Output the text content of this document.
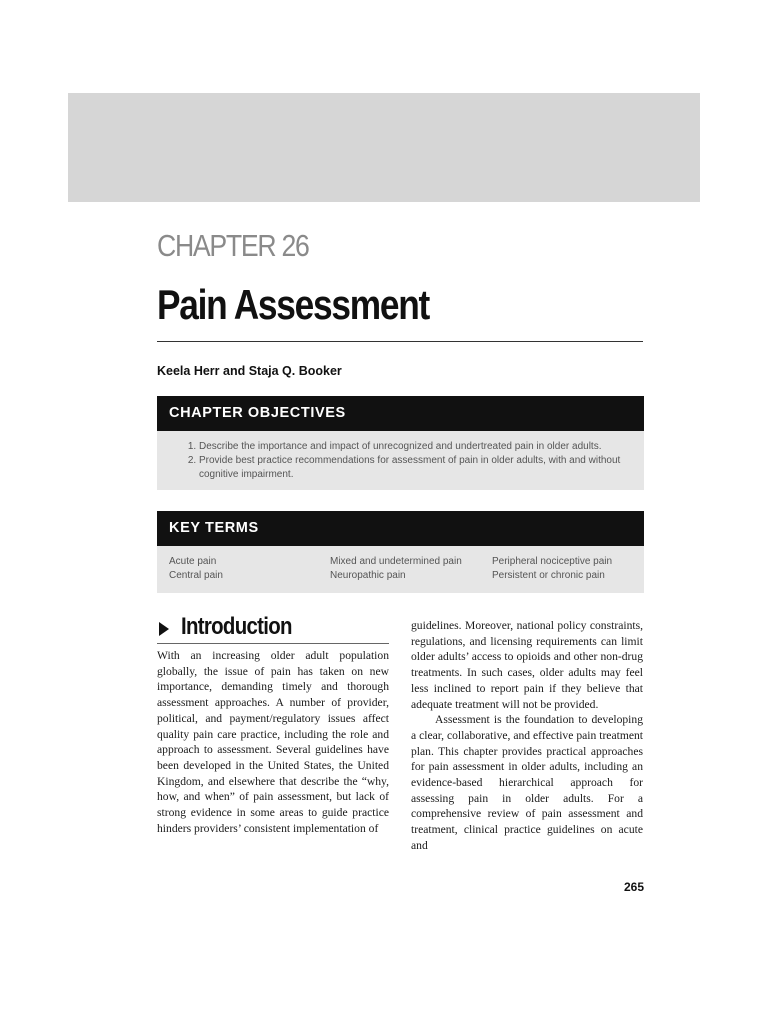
CHAPTER 26
Pain Assessment
Keela Herr and Staja Q. Booker
CHAPTER OBJECTIVES
1. Describe the importance and impact of unrecognized and undertreated pain in older adults.
2. Provide best practice recommendations for assessment of pain in older adults, with and without cognitive impairment.
KEY TERMS
Acute pain
Central pain
Mixed and undetermined pain
Neuropathic pain
Peripheral nociceptive pain
Persistent or chronic pain
Introduction

With an increasing older adult population globally, the issue of pain has taken on new importance, demanding timely and thorough assessment approaches. A number of provider, political, and payment/regulatory issues affect quality pain care practice, including the role and approach to assessment. Several guidelines have been developed in the United States, the United Kingdom, and elsewhere that describe the “why, how, and when” of pain assessment, but lack of strong evidence in some areas to guide practice hinders providers’ consistent implementation of

guidelines. Moreover, national policy constraints, regulations, and licensing requirements can limit older adults’ access to opioids and other non-drug treatments. In such cases, older adults may feel less inclined to report pain if they believe that adequate treatment will not be provided.

Assessment is the foundation to developing a clear, collaborative, and effective pain treatment plan. This chapter provides practical approaches for pain assessment in older adults, including an evidence-based hierarchical approach for assessing pain in older adults. For a comprehensive review of pain assessment and treatment, clinical practice guidelines on acute and

265
